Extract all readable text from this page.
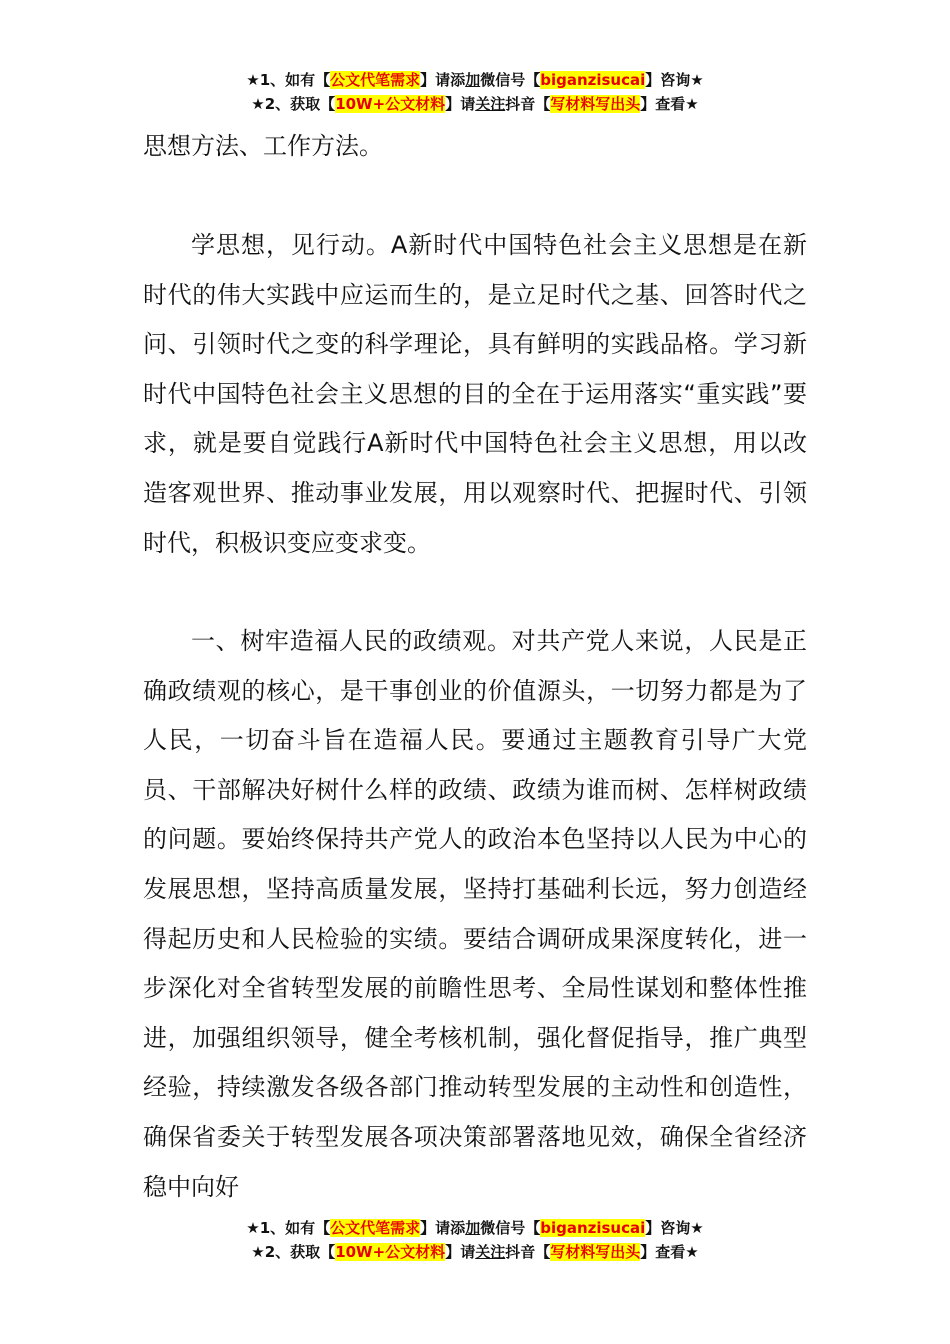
★1、如有【公文代笔需求】请添加微信号【biganzisucai】咨询★
★2、获取【10W+公文材料】请关注抖音【写材料写出头】查看★

思想方法、工作方法。

学思想，见行动。A新时代中国特色社会主义思想是在新时代的伟大实践中应运而生的，是立足时代之基、回答时代之问、引领时代之变的科学理论，具有鲜明的实践品格。学习新时代中国特色社会主义思想的目的全在于运用落实“重实践”要求，就是要自觉践行A新时代中国特色社会主义思想，用以改造客观世界、推动事业发展，用以观察时代、把握时代、引领时代，积极识变应变求变。

一、树牢造福人民的政绩观。对共产党人来说，人民是正确政绩观的核心，是干事创业的价值源头，一切努力都是为了人民，一切奋斗旨在造福人民。要通过主题教育引导广大党员、干部解决好树什么样的政绩、政绩为谁而树、怎样树政绩的问题。要始终保持共产党人的政治本色坚持以人民为中心的发展思想，坚持高质量发展，坚持打基础利长远，努力创造经得起历史和人民检验的实绩。要结合调研成果深度转化，进一步深化对全省转型发展的前瞻性思考、全局性谋划和整体性推进，加强组织领导，健全考核机制，强化督促指导，推广典型经验，持续激发各级各部门推动转型发展的主动性和创造性，确保省委关于转型发展各项决策部署落地见效，确保全省经济稳中向好

★1、如有【公文代笔需求】请添加微信号【biganzisucai】咨询★
★2、获取【10W+公文材料】请关注抖音【写材料写出头】查看★
